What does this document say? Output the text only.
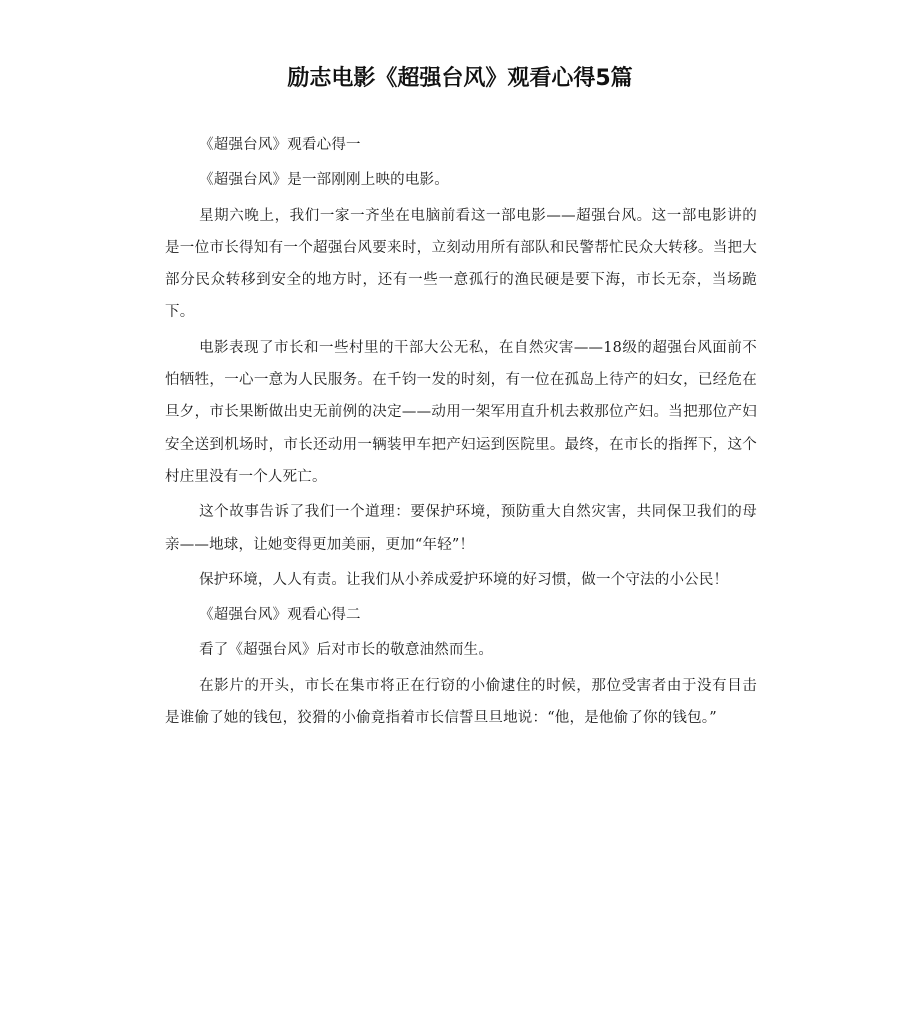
励志电影《超强台风》观看心得5篇

《超强台风》观看心得一

《超强台风》是一部刚刚上映的电影。

星期六晚上，我们一家一齐坐在电脑前看这一部电影——超强台风。这一部电影讲的是一位市长得知有一个超强台风要来时，立刻动用所有部队和民警帮忙民众大转移。当把大部分民众转移到安全的地方时，还有一些一意孤行的渔民硬是要下海，市长无奈，当场跪下。

电影表现了市长和一些村里的干部大公无私，在自然灾害——18级的超强台风面前不怕牺牲，一心一意为人民服务。在千钧一发的时刻，有一位在孤岛上待产的妇女，已经危在旦夕，市长果断做出史无前例的决定——动用一架军用直升机去救那位产妇。当把那位产妇安全送到机场时，市长还动用一辆装甲车把产妇运到医院里。最终，在市长的指挥下，这个村庄里没有一个人死亡。

这个故事告诉了我们一个道理：要保护环境，预防重大自然灾害，共同保卫我们的母亲——地球，让她变得更加美丽，更加“年轻”！

保护环境，人人有责。让我们从小养成爱护环境的好习惯，做一个守法的小公民！

《超强台风》观看心得二

看了《超强台风》后对市长的敬意油然而生。

在影片的开头，市长在集市将正在行窃的小偷逮住的时候，那位受害者由于没有目击是谁偷了她的钱包，狡猾的小偷竟指着市长信誓旦旦地说：“他，是他偷了你的钱包。”
